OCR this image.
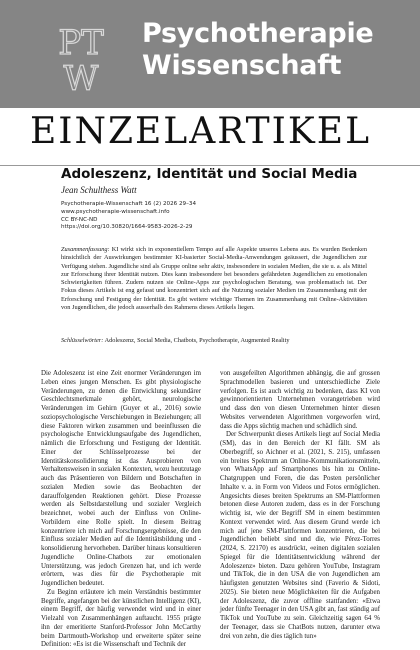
PT
W
Psychotherapie
Wissenschaft
EINZELARTIKEL
Adoleszenz, Identität und Social Media
Jean Schulthess Watt
Psychotherapie-Wissenschaft 16 (2) 2026 29–34
www.psychotherapie-wissenschaft.info
CC BY-NC-ND
https://doi.org/10.30820/1664-9583-2026-2-29
Zusammenfassung: KI wirkt sich in exponentiellem Tempo auf alle Aspekte unseres Lebens aus. Es wurden Bedenken hinsichtlich der Auswirkungen bestimmter KI-basierter Social-Media-Anwendungen geäussert, die Jugendlichen zur Verfügung stehen. Jugendliche sind als Gruppe online sehr aktiv, insbesondere in sozialen Medien, die sie u. a. als Mittel zur Erforschung ihrer Identität nutzen. Dies kann insbesondere bei besonders gefährdeten Jugendlichen zu emotionalen Schwierigkeiten führen. Zudem nutzen sie Online-Apps zur psychologischen Beratung, was problematisch ist. Der Fokus dieses Artikels ist eng gefasst und konzentriert sich auf die Nutzung sozialer Medien im Zusammenhang mit der Erforschung und Festigung der Identität. Es gibt weitere wichtige Themen im Zusammenhang mit Online-Aktivitäten von Jugendlichen, die jedoch ausserhalb des Rahmens dieses Artikels liegen.
Schlüsselwörter: Adoleszenz, Social Media, Chatbots, Psychotherapie, Augmented Reality

Die Adoleszenz ist eine Zeit enormer Veränderungen im Leben eines jungen Menschen. Es gibt physiologische Veränderungen, zu denen die Entwicklung sekundärer Geschlechtsmerkmale gehört, neurologische Veränderungen im Gehirn (Guyer et al., 2016) sowie soziopsychologische Verschiebungen in Beziehungen; all diese Faktoren wirken zusammen und beeinflussen die psychologische Entwicklungsaufgabe des Jugendlichen, nämlich die Erforschung und Festigung der Identität. Einer der Schlüsselprozesse bei der Identitätskonsolidierung ist das Ausprobieren von Verhaltensweisen in sozialen Kontexten, wozu heutzutage auch das Präsentieren von Bildern und Botschaften in sozialen Medien sowie das Beobachten der darauffolgenden Reaktionen gehört. Diese Prozesse werden als Selbstdarstellung und sozialer Vergleich bezeichnet, wobei auch der Einfluss von Online-Vorbildern eine Rolle spielt. In diesem Beitrag konzentriere ich mich auf Forschungsergebnisse, die den Einfluss sozialer Medien auf die Identitätsbildung und -konsolidierung hervorheben. Darüber hinaus konsultieren Jugendliche Online-Chatbots zur emotionalen Unterstützung, was jedoch Grenzen hat, und ich werde erörtern, was dies für die Psychotherapie mit Jugendlichen bedeutet.

Zu Beginn erläutere ich mein Verständnis bestimmter Begriffe, angefangen bei der künstlichen Intelligenz (KI), einem Begriff, der häufig verwendet wird und in einer Vielzahl von Zusammenhängen auftaucht. 1955 prägte ihn der emeritierte Stanford-Professor John McCarthy beim Dartmouth-Workshop und erweiterte später seine Definition: «Es ist die Wissenschaft und Technik der

von ausgefeilten Algorithmen abhängig, die auf grossen Sprachmodellen basieren und unterschiedliche Ziele verfolgen. Es ist auch wichtig zu bedenken, dass KI von gewinnorientierten Unternehmen vorangetrieben wird und dass den von diesen Unternehmen hinter diesen Websites verwendeten Algorithmen vorgeworfen wird, dass die Apps süchtig machen und schädlich sind.

Der Schwerpunkt dieses Artikels liegt auf Social Media (SM), das in den Bereich der KI fällt. SM als Oberbegriff, so Aichner et al. (2021, S. 215), umfassen ein breites Spektrum an Online-Kommunikationsmitteln, von WhatsApp auf Smartphones bis hin zu Online-Chatgruppen und Foren, die das Posten persönlicher Inhalte v. a. in Form von Videos und Fotos ermöglichen. Angesichts dieses breiten Spektrums an SM-Plattformen betonen diese Autoren zudem, dass es in der Forschung wichtig ist, wie der Begriff SM in einem bestimmten Kontext verwendet wird. Aus diesem Grund werde ich mich auf jene SM-Plattformen konzentrieren, die bei Jugendlichen beliebt sind und die, wie Pérez-Torres (2024, S. 22170) es ausdrückt, «einen digitalen sozialen Spiegel für die Identitätsentwicklung während der Adoleszenz» bieten. Dazu gehören YouTube, Instagram und TikTok, die in den USA die von Jugendlichen am häufigsten genutzten Websites sind (Faverio & Sidoti, 2025). Sie bieten neue Möglichkeiten für die Aufgaben der Adoleszenz, die zuvor offline stattfanden: «Etwa jeder fünfte Teenager in den USA gibt an, fast ständig auf TikTok und YouTube zu sein. Gleichzeitig sagen 64 % der Teenager, dass sie ChatBots nutzen, darunter etwa drei von zehn, die dies täglich tun»
